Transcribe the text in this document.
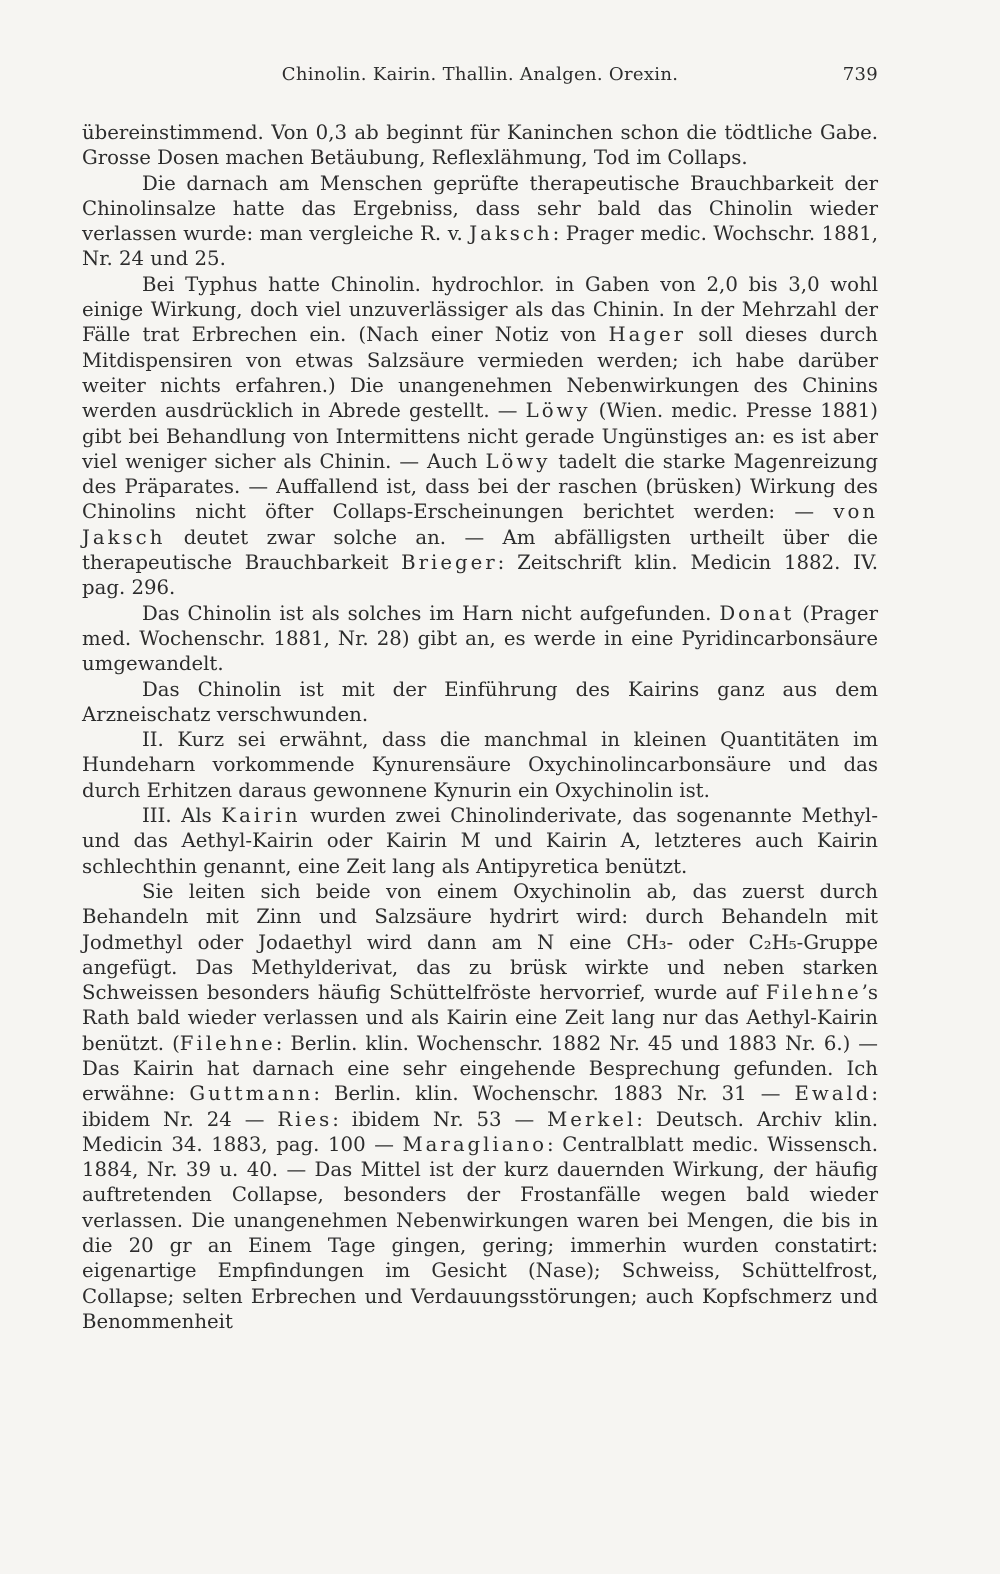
Chinolin. Kairin. Thallin. Analgen. Orexin.	739

übereinstimmend. Von 0,3 ab beginnt für Kaninchen schon die tödtliche Gabe. Grosse Dosen machen Betäubung, Reflexlähmung, Tod im Collaps.

Die darnach am Menschen geprüfte therapeutische Brauchbarkeit der Chinolinsalze hatte das Ergebniss, dass sehr bald das Chinolin wieder verlassen wurde: man vergleiche R. v. Jaksch: Prager medic. Wochschr. 1881, Nr. 24 und 25.

Bei Typhus hatte Chinolin. hydrochlor. in Gaben von 2,0 bis 3,0 wohl einige Wirkung, doch viel unzuverlässiger als das Chinin. In der Mehrzahl der Fälle trat Erbrechen ein. (Nach einer Notiz von Hager soll dieses durch Mitdispensiren von etwas Salzsäure vermieden werden; ich habe darüber weiter nichts erfahren.) Die unangenehmen Nebenwirkungen des Chinins werden ausdrücklich in Abrede gestellt. — Löwy (Wien. medic. Presse 1881) gibt bei Behandlung von Intermittens nicht gerade Ungünstiges an: es ist aber viel weniger sicher als Chinin. — Auch Löwy tadelt die starke Magenreizung des Präparates. — Auffallend ist, dass bei der raschen (brüsken) Wirkung des Chinolins nicht öfter Collaps-Erscheinungen berichtet werden: — von Jaksch deutet zwar solche an. — Am abfälligsten urtheilt über die therapeutische Brauchbarkeit Brieger: Zeitschrift klin. Medicin 1882. IV. pag. 296.

Das Chinolin ist als solches im Harn nicht aufgefunden. Donat (Prager med. Wochenschr. 1881, Nr. 28) gibt an, es werde in eine Pyridincarbonsäure umgewandelt.

Das Chinolin ist mit der Einführung des Kairins ganz aus dem Arzneischatz verschwunden.

II. Kurz sei erwähnt, dass die manchmal in kleinen Quantitäten im Hundeharn vorkommende Kynurensäure Oxychinolincarbonsäure und das durch Erhitzen daraus gewonnene Kynurin ein Oxychinolin ist.

III. Als Kairin wurden zwei Chinolinderivate, das sogenannte Methyl- und das Aethyl-Kairin oder Kairin M und Kairin A, letzteres auch Kairin schlechthin genannt, eine Zeit lang als Antipyretica benützt.

Sie leiten sich beide von einem Oxychinolin ab, das zuerst durch Behandeln mit Zinn und Salzsäure hydrirt wird: durch Behandeln mit Jodmethyl oder Jodaethyl wird dann am N eine CH₃- oder C₂H₅-Gruppe angefügt. Das Methylderivat, das zu brüsk wirkte und neben starken Schweissen besonders häufig Schüttelfröste hervorrief, wurde auf Filehne’s Rath bald wieder verlassen und als Kairin eine Zeit lang nur das Aethyl-Kairin benützt. (Filehne: Berlin. klin. Wochenschr. 1882 Nr. 45 und 1883 Nr. 6.) — Das Kairin hat darnach eine sehr eingehende Besprechung gefunden. Ich erwähne: Guttmann: Berlin. klin. Wochenschr. 1883 Nr. 31 — Ewald: ibidem Nr. 24 — Ries: ibidem Nr. 53 — Merkel: Deutsch. Archiv klin. Medicin 34. 1883, pag. 100 — Maragliano: Centralblatt medic. Wissensch. 1884, Nr. 39 u. 40. — Das Mittel ist der kurz dauernden Wirkung, der häufig auftretenden Collapse, besonders der Frostanfälle wegen bald wieder verlassen. Die unangenehmen Nebenwirkungen waren bei Mengen, die bis in die 20 gr an Einem Tage gingen, gering; immerhin wurden constatirt: eigenartige Empfindungen im Gesicht (Nase); Schweiss, Schüttelfrost, Collapse; selten Erbrechen und Verdauungsstörungen; auch Kopfschmerz und Benommenheit
